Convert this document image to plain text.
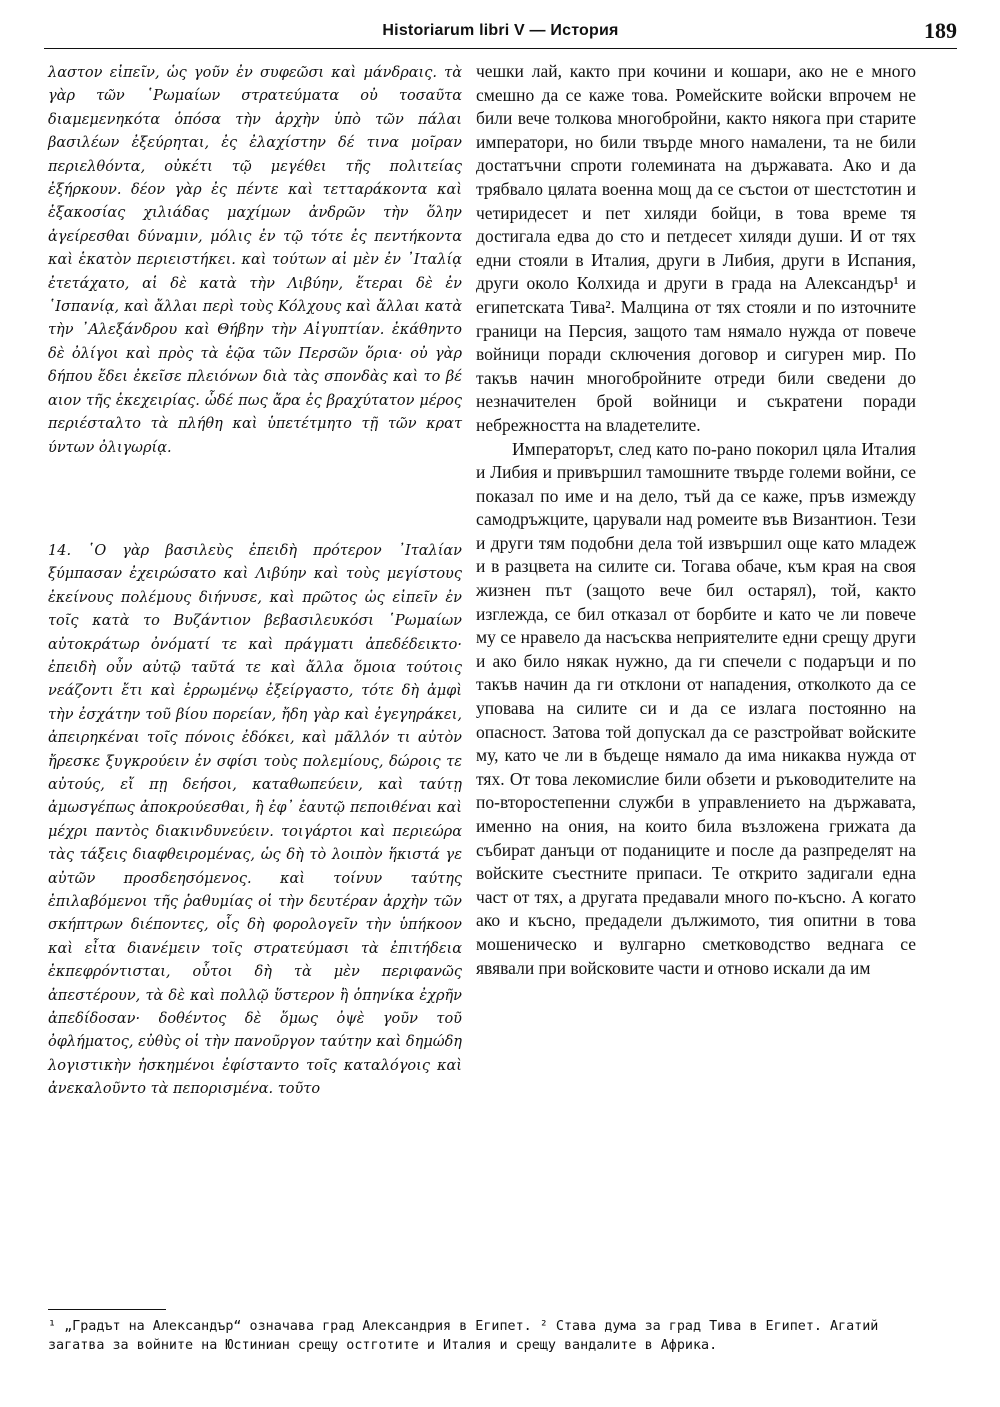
Historiarum libri V — История	189

λαστον εἰπεῖν, ὡς γοῦν ἐν συφεῶσι καὶ μάνδραις. τὰ γὰρ τῶν ῾Ρωμαίων στρατεύματα οὐ τοσαῦτα διαμεμενηκότα ὁπόσα τὴν ἀρχὴν ὑπὸ τῶν πάλαι βασιλέων ἐξεύρηται, ἐς ἐλαχίστην δέ τινα μοῖραν περιελθόντα, οὐκέτι τῷ μεγέθει τῆς πολιτείας ἐξήρκουν. δέον γὰρ ἐς πέντε καὶ τετταράκοντα καὶ ἑξακοσίας χιλιάδας μαχίμων ἀνδρῶν τὴν ὅλην ἀγείρεσθαι δύναμιν, μόλις ἐν τῷ τότε ἐς πεντήκοντα καὶ ἑκατὸν περιειστήκει. καὶ τούτων αἱ μὲν ἐν ᾿Ιταλίᾳ ἐτετάχατο, αἱ δὲ κατὰ τὴν Λιβύην, ἕτεραι δὲ ἐν ῾Ισπανίᾳ, καὶ ἄλλαι περὶ τοὺς Κόλχους καὶ ἄλλαι κατὰ τὴν ᾿Αλεξάνδρου καὶ Θήβην τὴν Αἰγυπτίαν. ἐκάθηντο δὲ ὀλίγοι καὶ πρὸς τὰ ἑῷα τῶν Περσῶν ὅρια· οὐ γὰρ δήπου ἔδει ἐκεῖσε πλειόνων διὰ τὰς σπονδὰς καὶ το βέ αιον τῆς ἐκεχειρίας. ὧδέ πως ἄρα ἐς βραχύτατον μέρος περιέσταλτο τὰ πλήθη καὶ ὑπετέτμητο τῇ τῶν κρατ ύντων ὀλιγωρίᾳ.

14. ῾Ο γὰρ βασιλεὺς ἐπειδὴ πρότερον ᾿Ιταλίαν ξύμπασαν ἐχειρώσατο καὶ Λιβύην καὶ τοὺς μεγίστους ἐκείνους πολέμους διήνυσε, καὶ πρῶτος ὡς εἰπεῖν ἐν τοῖς κατὰ το Βυζάντιον βεβασιλευκόσι ῾Ρωμαίων αὐτοκράτωρ ὀνόματί τε καὶ πράγματι ἀπεδέδεικτο· ἐπειδὴ οὖν αὐτῷ ταῦτά τε καὶ ἄλλα ὅμοια τούτοις νεάζοντι ἔτι καὶ ἐρρωμένῳ ἐξείργαστο, τότε δὴ ἀμφὶ τὴν ἐσχάτην τοῦ βίου πορείαν, ἤδη γὰρ καὶ ἐγεγηράκει, ἀπειρηκέναι τοῖς πόνοις ἐδόκει, καὶ μᾶλλόν τι αὐτὸν ἤρεσκε ξυγκρούειν ἐν σφίσι τοὺς πολεμίους, δώροις τε αὐτούς, εἴ πῃ δεήσοι, καταθωπεύειν, καὶ ταύτῃ ἀμωσγέπως ἀποκρούεσθαι, ἢ ἐφ᾿ ἑαυτῷ πεποιθέναι καὶ μέχρι παντὸς διακινδυνεύειν. τοιγάρτοι καὶ περιεώρα τὰς τάξεις διαφθειρομένας, ὡς δὴ τὸ λοιπὸν ἥκιστά γε αὐτῶν προσδεησόμενος. καὶ τοίνυν ταύτης ἐπιλαβόμενοι τῆς ῥαθυμίας οἱ τὴν δευτέραν ἀρχὴν τῶν σκήπτρων διέποντες, οἷς δὴ φορολογεῖν τὴν ὑπήκοον καὶ εἶτα διανέμειν τοῖς στρατεύμασι τὰ ἐπιτήδεια ἐκπεφρόντισται, οὗτοι δὴ τὰ μὲν περιφανῶς ἀπεστέρουν, τὰ δὲ καὶ πολλῷ ὕστερον ἢ ὁπηνίκα ἐχρῆν ἀπεδίδοσαν· δοθέντος δὲ ὅμως ὀψὲ γοῦν τοῦ ὀφλήματος, εὐθὺς οἱ τὴν πανοῦργον ταύτην καὶ δημώδη λογιστικὴν ἠσκημένοι ἐφίσταντο τοῖς καταλόγοις καὶ ἀνεκαλοῦντο τὰ πεπορισμένα. τοῦτο

чешки лай, както при кочини и кошари, ако не е много смешно да се каже това. Ромейските войски впрочем не били вече толкова многобройни, както някога при старите императори, но били твърде много намалени, та не били достатъчни спроти големината на държавата. Ако и да трябвало цялата военна мощ да се състои от шестстотин и четиридесет и пет хиляди бойци, в това време тя достигала едва до сто и петдесет хиляди души. И от тях едни стояли в Италия, други в Либия, други в Испания, други около Колхида и други в града на Александър¹ и египетската Тива². Малцина от тях стояли и по източните граници на Персия, защото там нямало нужда от повече войници поради сключения договор и сигурен мир. По такъв начин многобройните отреди били сведени до незначителен брой войници и съкратени поради небрежността на владетелите.

Императорът, след като по-рано покорил цяла Италия и Либия и привършил тамошните твърде големи войни, се показал по име и на дело, тъй да се каже, пръв измежду самодръжците, царували над ромеите във Византион. Тези и други тям подобни дела той извършил още като младеж и в разцвета на силите си. Тогава обаче, към края на своя жизнен път (защото вече бил остарял), той, както изглежда, се бил отказал от борбите и като че ли повече му се нравело да насъсква неприятелите едни срещу други и ако било някак нужно, да ги спечели с подаръци и по такъв начин да ги отклони от нападения, отколкото да се уповава на силите си и да се излага постоянно на опасност. Затова той допускал да се разстройват войските му, като че ли в бъдеще нямало да има никаква нужда от тях. От това лекомислие били обзети и ръководителите на по-второстепенни служби в управлението на държавата, именно на ония, на които била възложена грижата да събират данъци от поданиците и после да разпределят на войските съестните припаси. Те открито задигали една част от тях, а другата предавали много по-късно. А когато ако и късно, предадели дължимото, тия опитни в това мошеническо и вулгарно сметководство веднага се явявали при войсковите части и отново искали да им

¹ „Градът на Александър“ означава град Александрия в Египет. ² Става дума за град Тива в Египет. Агатий загатва за войните на Юстиниан срещу остготите и Италия и срещу вандалите в Африка.
